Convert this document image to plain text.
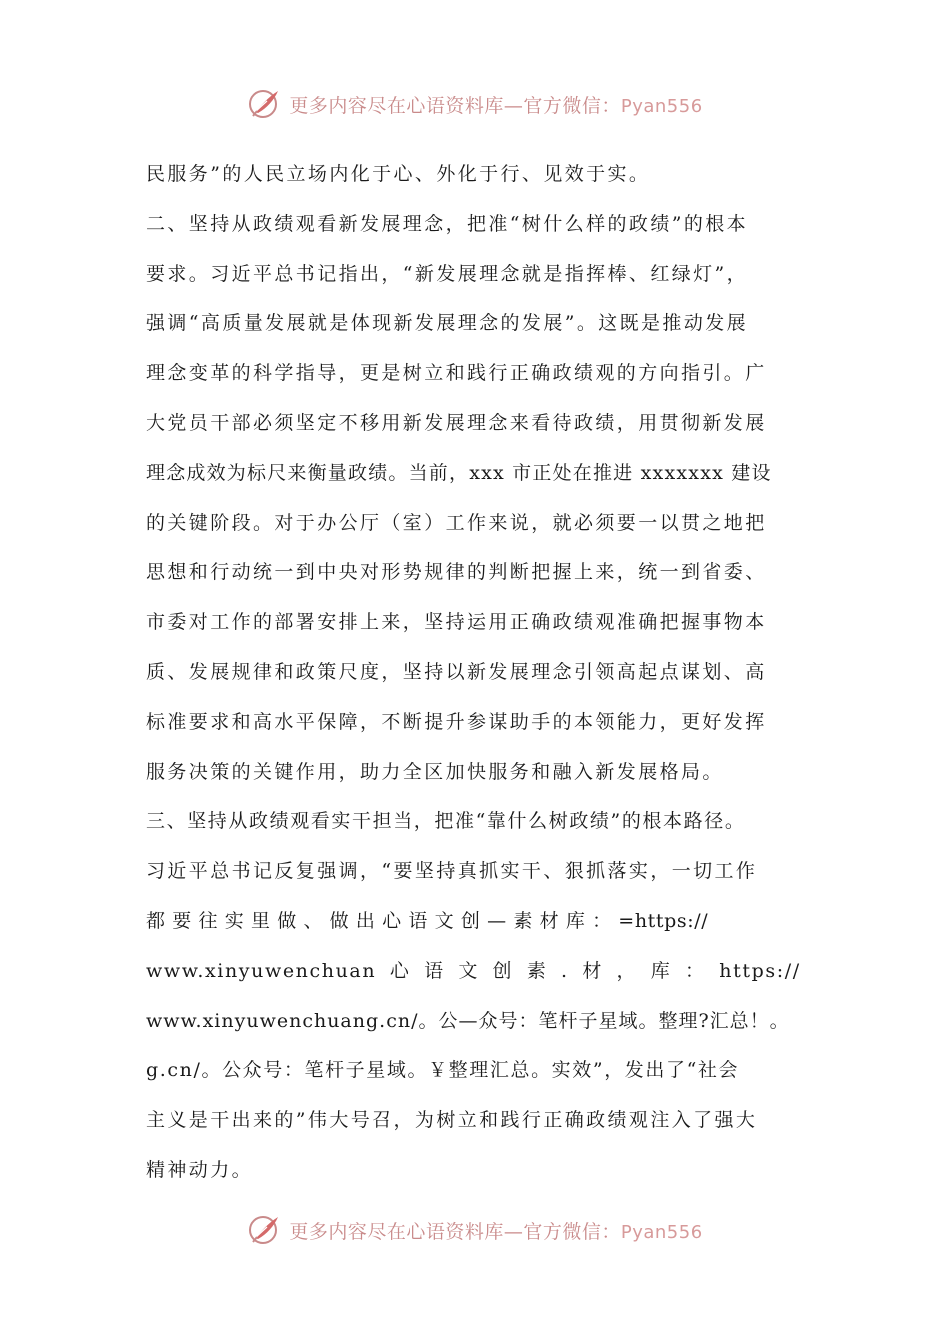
更多内容尽在心语资料库—官方微信：Pyan556
民服务”的人民立场内化于心、外化于行、见效于实。
二、坚持从政绩观看新发展理念，把准“树什么样的政绩”的根本
要求。习近平总书记指出，“新发展理念就是指挥棒、红绿灯”，
强调“高质量发展就是体现新发展理念的发展”。这既是推动发展
理念变革的科学指导，更是树立和践行正确政绩观的方向指引。广
大党员干部必须坚定不移用新发展理念来看待政绩，用贯彻新发展
理念成效为标尺来衡量政绩。当前，xxx 市正处在推进 xxxxxxx 建设
的关键阶段。对于办公厅（室）工作来说，就必须要一以贯之地把
思想和行动统一到中央对形势规律的判断把握上来，统一到省委、
市委对工作的部署安排上来，坚持运用正确政绩观准确把握事物本
质、发展规律和政策尺度，坚持以新发展理念引领高起点谋划、高
标准要求和高水平保障，不断提升参谋助手的本领能力，更好发挥
服务决策的关键作用，助力全区加快服务和融入新发展格局。
三、坚持从政绩观看实干担当，把准“靠什么树政绩”的根本路径。
习近平总书记反复强调，“要坚持真抓实干、狠抓落实，一切工作
都 要 往 实 里 做 、 做 出 心 语 文 创 — 素 材 库 ： =https://
www.xinyuwenchuan 心 语 文 创 素 . 材 ， 库 ： https://
www.xinyuwenchuang.cn/。公—众号：笔杆子星域。整理?汇总！。
g.cn/。公众号：笔杆子星域。￥整理汇总。实效”，发出了“社会
主义是干出来的”伟大号召，为树立和践行正确政绩观注入了强大
精神动力。
更多内容尽在心语资料库—官方微信：Pyan556
